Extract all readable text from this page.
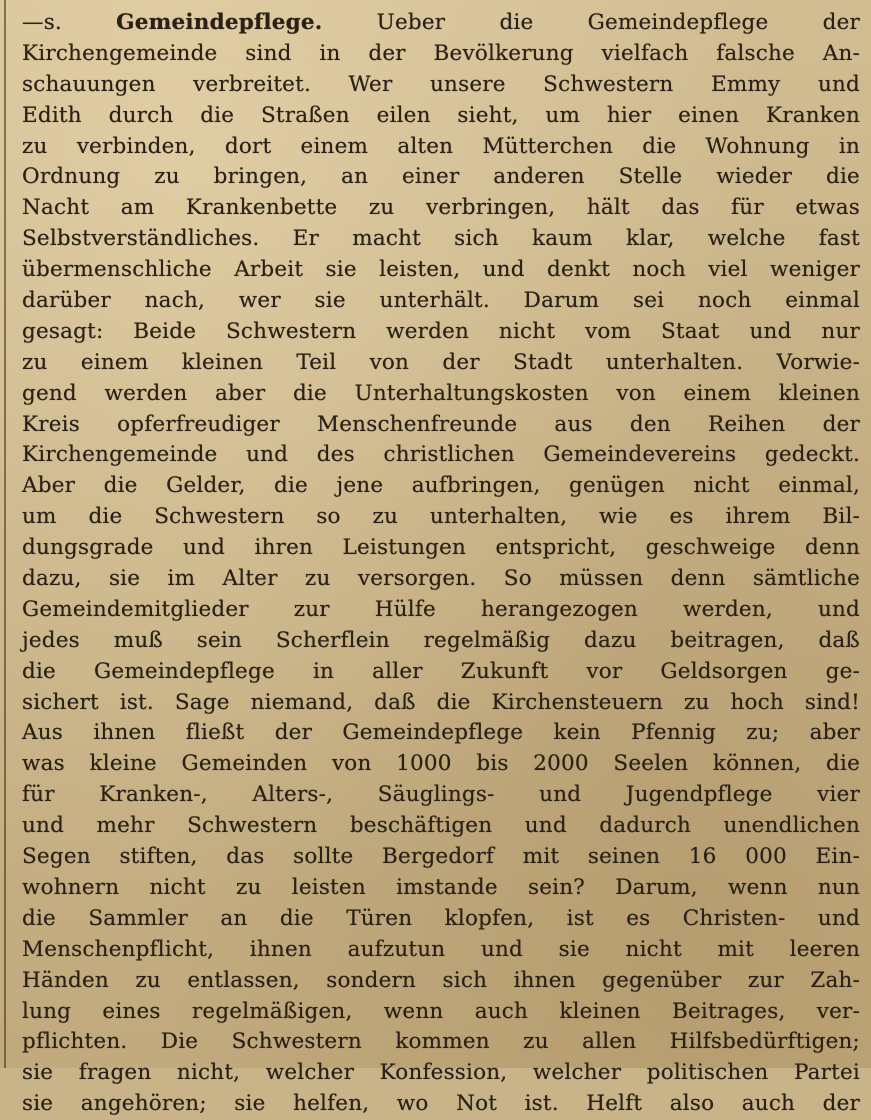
—s.	Gemeindepflege.	Ueber die Gemeindepflege der
Kirchengemeinde sind in der Bevölkerung vielfach falsche An-
schauungen verbreitet. Wer unsere Schwestern Emmy und
Edith durch die Straßen eilen sieht, um hier einen Kranken
zu verbinden, dort einem alten Mütterchen die Wohnung in
Ordnung zu bringen, an einer anderen Stelle wieder die
Nacht am Krankenbette zu verbringen, hält das für etwas
Selbstverständliches. Er macht sich kaum klar, welche fast
übermenschliche Arbeit sie leisten, und denkt noch viel weniger
darüber nach, wer sie unterhält. Darum sei noch einmal
gesagt: Beide Schwestern werden nicht vom Staat und nur
zu einem kleinen Teil von der Stadt unterhalten. Vorwie-
gend werden aber die Unterhaltungskosten von einem kleinen
Kreis opferfreudiger Menschenfreunde aus den Reihen der
Kirchengemeinde und des christlichen Gemeindevereins gedeckt.
Aber die Gelder, die jene aufbringen, genügen nicht einmal,
um die Schwestern so zu unterhalten, wie es ihrem Bil-
dungsgrade und ihren Leistungen entspricht, geschweige denn
dazu, sie im Alter zu versorgen. So müssen denn sämtliche
Gemeindemitglieder zur Hülfe herangezogen werden, und
jedes muß sein Scherflein regelmäßig dazu beitragen, daß
die Gemeindepflege in aller Zukunft vor Geldsorgen ge-
sichert ist. Sage niemand, daß die Kirchensteuern zu hoch sind!
Aus ihnen fließt der Gemeindepflege kein Pfennig zu; aber
was kleine Gemeinden von 1000 bis 2000 Seelen können, die
für Kranken-, Alters-, Säuglings- und Jugendpflege vier
und mehr Schwestern beschäftigen und dadurch unendlichen
Segen stiften, das sollte Bergedorf mit seinen 16 000 Ein-
wohnern nicht zu leisten imstande sein? Darum, wenn nun
die Sammler an die Türen klopfen, ist es Christen- und
Menschenpflicht, ihnen aufzutun und sie nicht mit leeren
Händen zu entlassen, sondern sich ihnen gegenüber zur Zah-
lung eines regelmäßigen, wenn auch kleinen Beitrages, ver-
pflichten. Die Schwestern kommen zu allen Hilfsbedürftigen;
sie fragen nicht, welcher Konfession, welcher politischen Partei
sie angehören; sie helfen, wo Not ist. Helft also auch der
